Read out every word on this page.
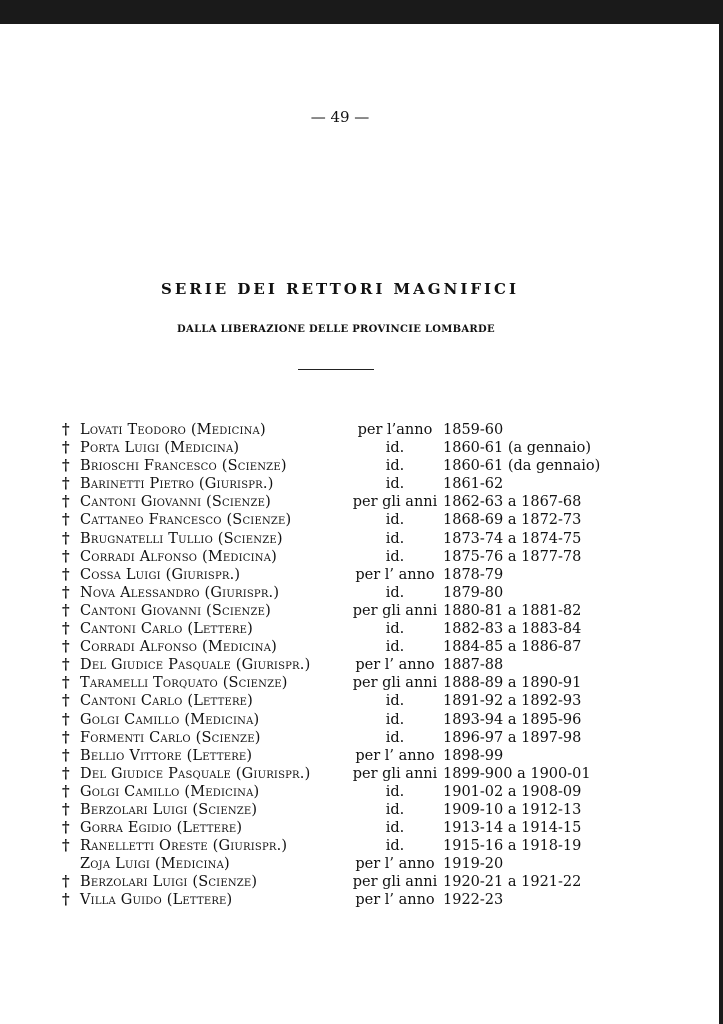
— 49 —
SERIE DEI RETTORI MAGNIFICI
DALLA LIBERAZIONE DELLE PROVINCIE LOMBARDE
† Lovati Teodoro (Medicina)	per l’anno 1859-60
† Porta Luigi (Medicina)	id.	1860-61 (a gennaio)
† Brioschi Francesco (Scienze)	id.	1860-61 (da gennaio)
† Barinetti Pietro (Giurispr.)	id.	1861-62
† Cantoni Giovanni (Scienze)	per gli anni 1862-63 a 1867-68
† Cattaneo Francesco (Scienze)	id.	1868-69 a 1872-73
† Brugnatelli Tullio (Scienze)	id.	1873-74 a 1874-75
† Corradi Alfonso (Medicina)	id.	1875-76 a 1877-78
† Cossa Luigi (Giurispr.)	per l’ anno 1878-79
† Nova Alessandro (Giurispr.)	id.	1879-80
† Cantoni Giovanni (Scienze)	per gli anni 1880-81 a 1881-82
† Cantoni Carlo (Lettere)	id.	1882-83 a 1883-84
† Corradi Alfonso (Medicina)	id.	1884-85 a 1886-87
† Del Giudice Pasquale (Giurispr.)	per l’ anno 1887-88
† Taramelli Torquato (Scienze)	per gli anni 1888-89 a 1890-91
† Cantoni Carlo (Lettere)	id.	1891-92 a 1892-93
† Golgi Camillo (Medicina)	id.	1893-94 a 1895-96
† Formenti Carlo (Scienze)	id.	1896-97 a 1897-98
† Bellio Vittore (Lettere)	per l’ anno 1898-99
† Del Giudice Pasquale (Giurispr.)	per gli anni 1899-900 a 1900-01
† Golgi Camillo (Medicina)	id.	1901-02 a 1908-09
† Berzolari Luigi (Scienze)	id.	1909-10 a 1912-13
† Gorra Egidio (Lettere)	id.	1913-14 a 1914-15
† Ranelletti Oreste (Giurispr.)	id.	1915-16 a 1918-19
Zoja Luigi (Medicina)	per l’ anno 1919-20
† Berzolari Luigi (Scienze)	per gli anni 1920-21 a 1921-22
† Villa Guido (Lettere)	per l’ anno 1922-23
